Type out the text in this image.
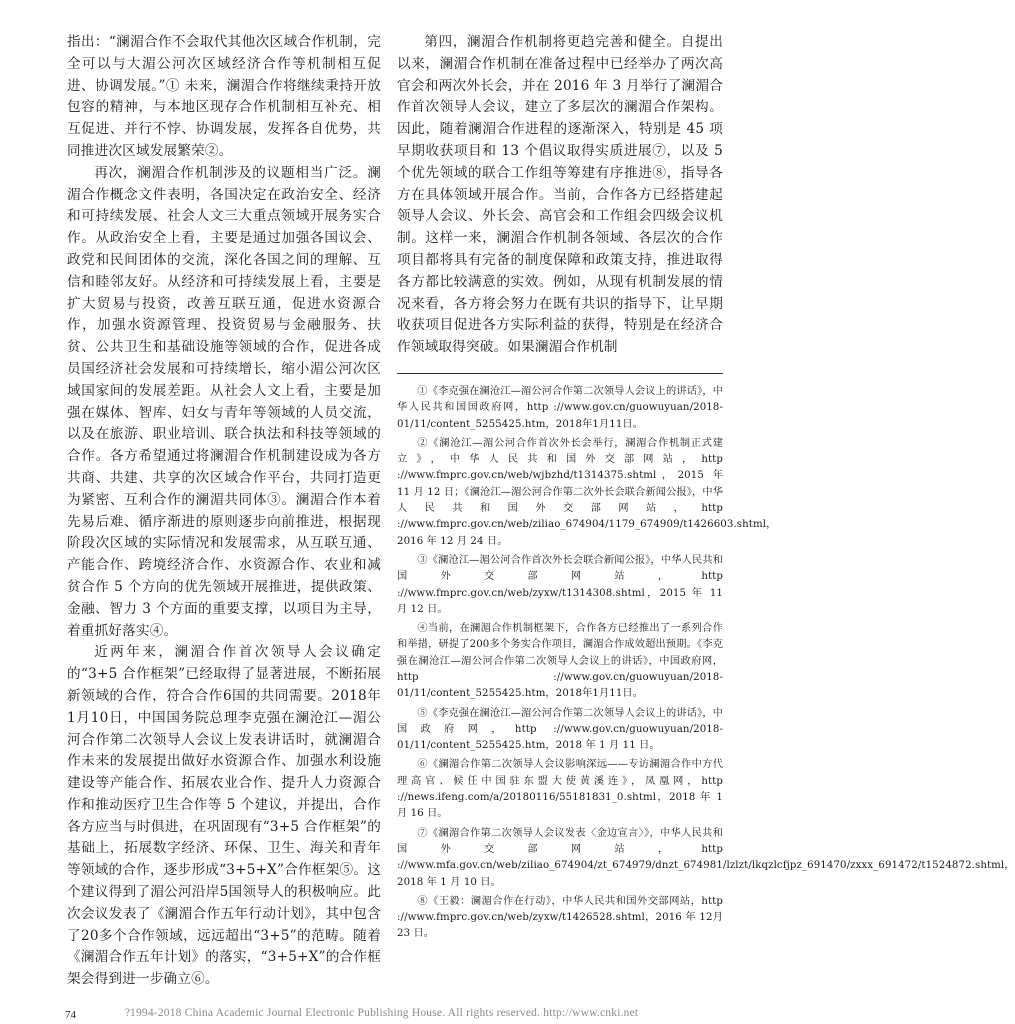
指出：“澜湄合作不会取代其他次区域合作机制，完全可以与大湄公河次区域经济合作等机制相互促进、协调发展。”① 未来，澜湄合作将继续秉持开放包容的精神，与本地区现存合作机制相互补充、相互促进、并行不悖、协调发展，发挥各自优势，共同推进次区域发展繁荣②。

再次，澜湄合作机制涉及的议题相当广泛。澜湄合作概念文件表明，各国决定在政治安全、经济和可持续发展、社会人文三大重点领域开展务实合作。从政治安全上看，主要是通过加强各国议会、政党和民间团体的交流，深化各国之间的理解、互信和睦邻友好。从经济和可持续发展上看，主要是扩大贸易与投资，改善互联互通，促进水资源合作，加强水资源管理、投资贸易与金融服务、扶贫、公共卫生和基础设施等领域的合作，促进各成员国经济社会发展和可持续增长，缩小湄公河次区域国家间的发展差距。从社会人文上看，主要是加强在媒体、智库、妇女与青年等领域的人员交流，以及在旅游、职业培训、联合执法和科技等领域的合作。各方希望通过将澜湄合作机制建设成为各方共商、共建、共享的次区域合作平台，共同打造更为紧密、互利合作的澜湄共同体③。澜湄合作本着先易后难、循序渐进的原则逐步向前推进，根据现阶段次区域的实际情况和发展需求，从互联互通、产能合作、跨境经济合作、水资源合作、农业和减贫合作 5 个方向的优先领域开展推进，提供政策、金融、智力 3 个方面的重要支撑，以项目为主导，着重抓好落实④。

近两年来，澜湄合作首次领导人会议确定的“3+5 合作框架”已经取得了显著进展，不断拓展新领域的合作，符合合作6国的共同需要。2018年1月10日，中国国务院总理李克强在澜沧江—湄公河合作第二次领导人会议上发表讲话时，就澜湄合作未来的发展提出做好水资源合作、加强水利设施建设等产能合作、拓展农业合作、提升人力资源合作和推动医疗卫生合作等 5 个建议，并提出，合作各方应当与时俱进，在巩固现有“3+5 合作框架”的基础上，拓展数字经济、环保、卫生、海关和青年等领域的合作，逐步形成“3+5+X”合作框架⑤。这个建议得到了湄公河沿岸5国领导人的积极响应。此次会议发表了《澜湄合作五年行动计划》，其中包含了20多个合作领域，远远超出“3+5”的范畴。随着《澜湄合作五年计划》的落实，“3+5+X”的合作框架会得到进一步确立⑥。

第四，澜湄合作机制将更趋完善和健全。自提出以来，澜湄合作机制在准备过程中已经举办了两次高官会和两次外长会，并在 2016 年 3 月举行了澜湄合作首次领导人会议，建立了多层次的澜湄合作架构。因此，随着澜湄合作进程的逐渐深入，特别是 45 项早期收获项目和 13 个倡议取得实质进展⑦，以及 5 个优先领域的联合工作组等筹建有序推进⑧，指导各方在具体领域开展合作。当前，合作各方已经搭建起领导人会议、外长会、高官会和工作组会四级会议机制。这样一来，澜湄合作机制各领域、各层次的合作项目都将具有完备的制度保障和政策支持，推进取得各方都比较满意的实效。例如，从现有机制发展的情况来看，各方将会努力在既有共识的指导下，让早期收获项目促进各方实际利益的获得，特别是在经济合作领域取得突破。如果澜湄合作机制

①《李克强在澜沧江—湄公河合作第二次领导人会议上的讲话》，中华人民共和国国政府网，http ://www.gov.cn/guowuyuan/2018-01/11/content_5255425.htm，2018年1月11日。

②《澜沧江—湄公河合作首次外长会举行，澜湄合作机制正式建立》，中华人民共和国外交部网站，http ://www.fmprc.gov.cn/web/wjbzhd/t1314375.shtml，2015 年 11 月 12 日；《澜沧江—湄公河合作第二次外长会联合新闻公报》，中华人民共和国外交部网站，http ://www.fmprc.gov.cn/web/ziliao_674904/1179_674909/t1426603.shtml，2016 年 12 月 24 日。

③《澜沧江—湄公河合作首次外长会联合新闻公报》，中华人民共和国外交部网站，http ://www.fmprc.gov.cn/web/zyxw/t1314308.shtml，2015 年 11 月 12 日。

④当前，在澜湄合作机制框架下，合作各方已经推出了一系列合作和举措，研提了200多个务实合作项目，澜湄合作成效超出预期。《李克强在澜沧江—湄公河合作第二次领导人会议上的讲话》，中国政府网，http ://www.gov.cn/guowuyuan/2018-01/11/content_5255425.htm，2018年1月11日。

⑤《李克强在澜沧江—湄公河合作第二次领导人会议上的讲话》，中国政府网，http ://www.gov.cn/guowuyuan/2018-01/11/content_5255425.htm，2018 年 1 月 11 日。

⑥《澜湄合作第二次领导人会议影响深远——专访澜湄合作中方代理高官、候任中国驻东盟大使黄溪连》，凤凰网，http ://news.ifeng.com/a/20180116/55181831_0.shtml，2018 年 1 月 16 日。

⑦《澜湄合作第二次领导人会议发表〈金边宣言〉》，中华人民共和国外交部网站，http ://www.mfa.gov.cn/web/ziliao_674904/zt_674979/dnzt_674981/lzlzt/lkqzlcfjpz_691470/zxxx_691472/t1524872.shtml，2018 年 1 月 10 日。

⑧《王毅：澜湄合作在行动》，中华人民共和国外交部网站，http ://www.fmprc.gov.cn/web/zyxw/t1426528.shtml，2016 年 12月23 日。

?1994-2018 China Academic Journal Electronic Publishing House. All rights reserved. http://www.cnki.net
74
